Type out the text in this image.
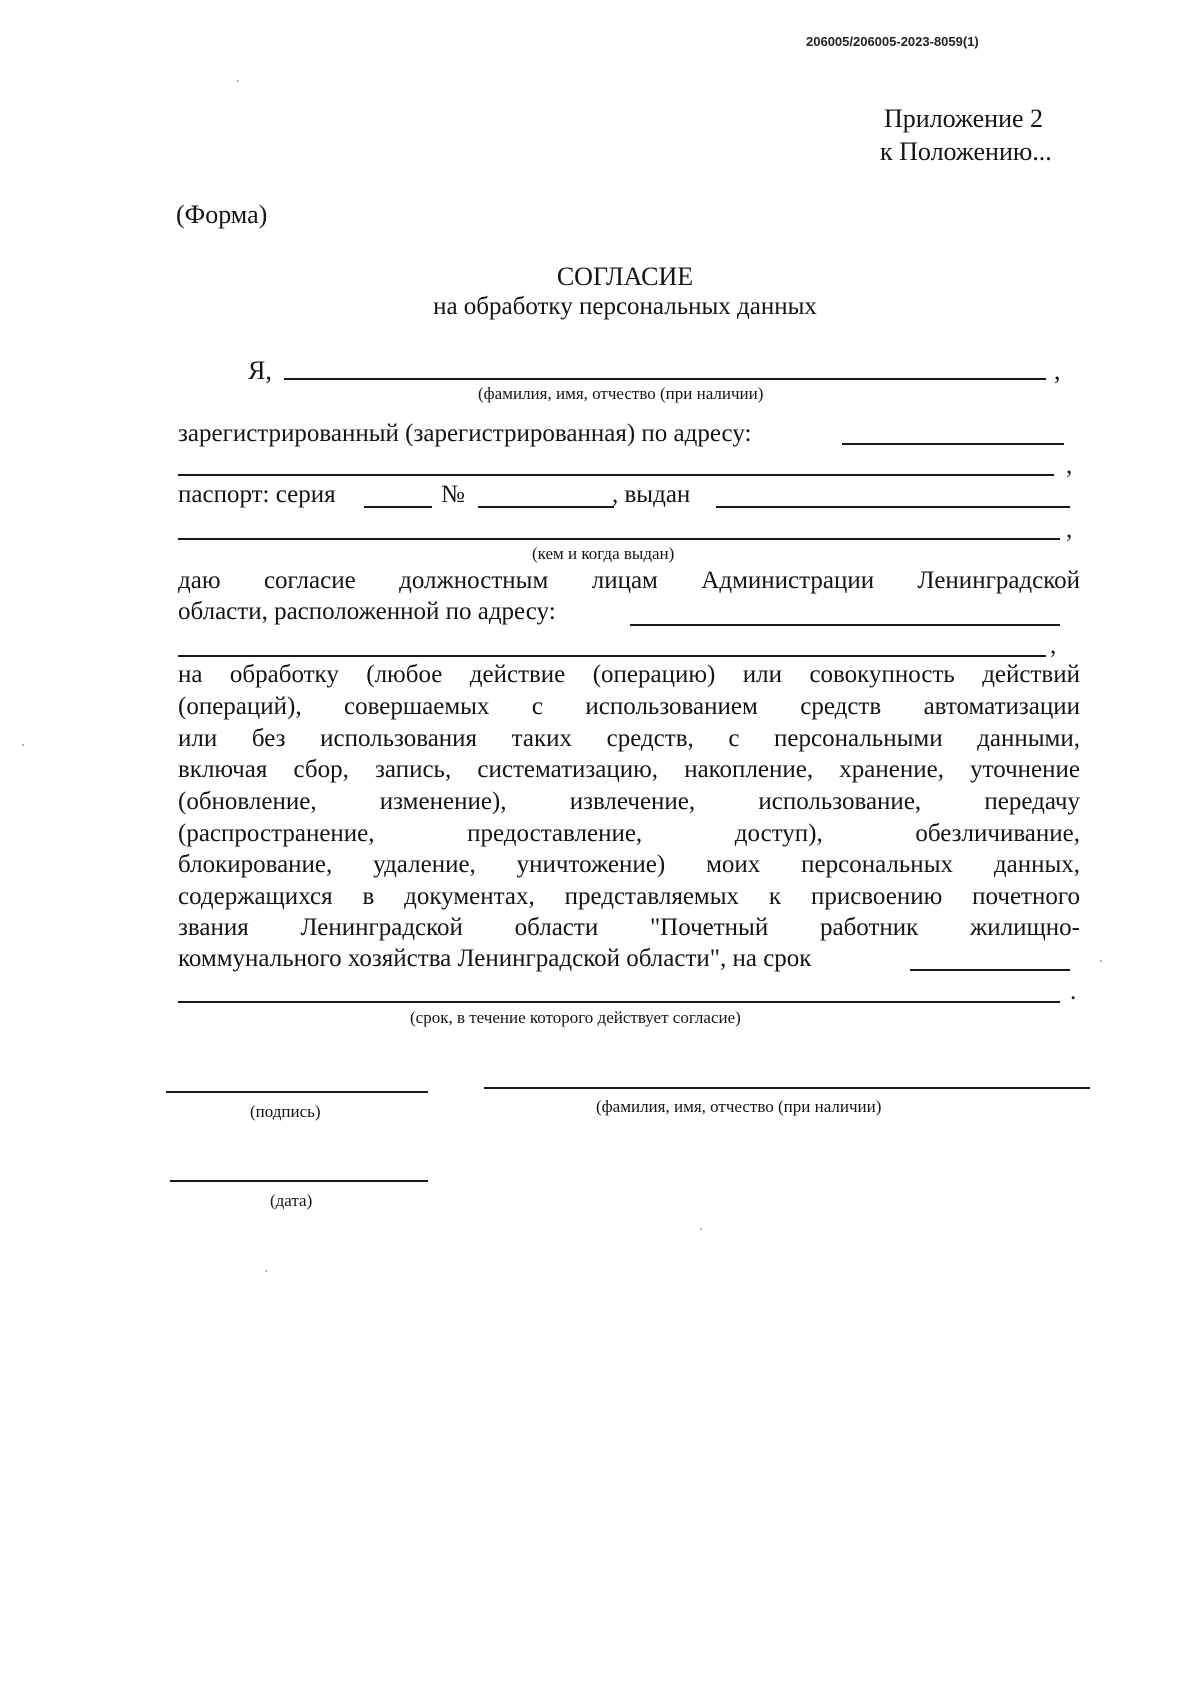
206005/206005-2023-8059(1)
Приложение 2
к Положению...
(Форма)
СОГЛАСИЕ
на обработку персональных данных
Я,	,
(фамилия, имя, отчество (при наличии)
зарегистрированный (зарегистрированная) по адресу:
,
паспорт: серия	№	, выдан
,
(кем и когда выдан)
даю согласие должностным лицам Администрации Ленинградской
области, расположенной по адресу:
,
на обработку (любое действие (операцию) или совокупность действий
(операций), совершаемых с использованием средств автоматизации
или без использования таких средств, с персональными данными,
включая сбор, запись, систематизацию, накопление, хранение, уточнение
(обновление, изменение), извлечение, использование, передачу
(распространение, предоставление, доступ), обезличивание,
блокирование, удаление, уничтожение) моих персональных данных,
содержащихся в документах, представляемых к присвоению почетного
звания Ленинградской области "Почетный работник жилищно-
коммунального хозяйства Ленинградской области", на срок
.
(срок, в течение которого действует согласие)
(подпись)	(фамилия, имя, отчество (при наличии)
(дата)
